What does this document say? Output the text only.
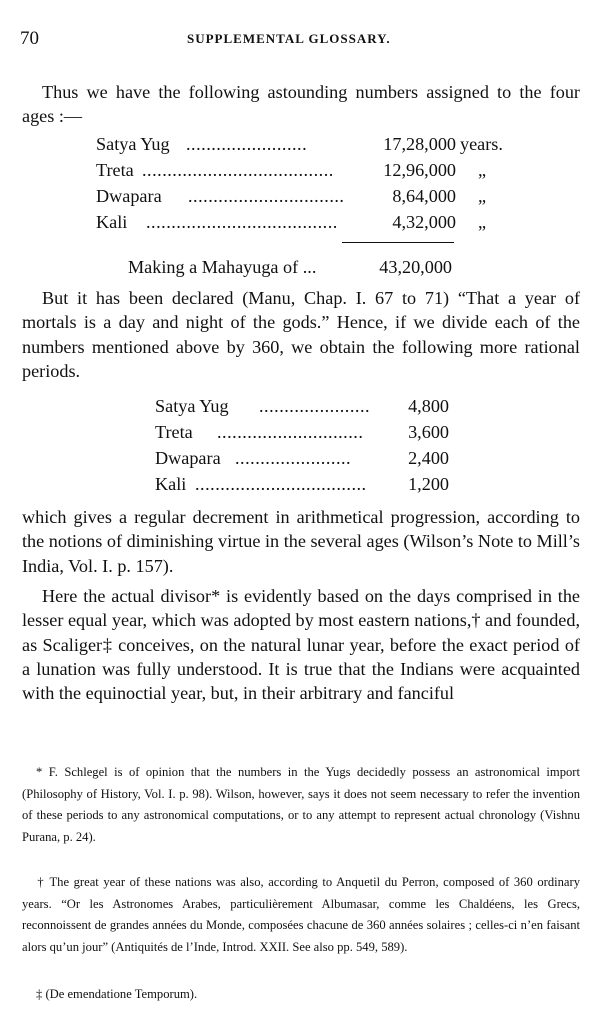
70	SUPPLEMENTAL GLOSSARY.

Thus we have the following astounding numbers assigned to the four ages :—

Satya Yug ........................	17,28,000 years.
Treta ......................................	12,96,000 „
Dwapara ...............................	8,64,000 „
Kali ......................................	4,32,000 „
Making a Mahayuga of ...	43,20,000

But it has been declared (Manu, Chap. I. 67 to 71) “That a year of mortals is a day and night of the gods.” Hence, if we divide each of the numbers mentioned above by 360, we obtain the following more rational periods.

Satya Yug ...................... 4,800
Treta ............................. 3,600
Dwapara .......................	2,400
Kali .................................. 1,200

which gives a regular decrement in arithmetical progression, according to the notions of diminishing virtue in the several ages (Wilson’s Note to Mill’s India, Vol. I. p. 157).

Here the actual divisor* is evidently based on the days comprised in the lesser equal year, which was adopted by most eastern nations,† and founded, as Scaliger‡ conceives, on the natural lunar year, before the exact period of a lunation was fully understood. It is true that the Indians were acquainted with the equinoctial year, but, in their arbitrary and fanciful

* F. Schlegel is of opinion that the numbers in the Yugs decidedly possess an astronomical import (Philosophy of History, Vol. I. p. 98). Wilson, however, says it does not seem necessary to refer the invention of these periods to any astronomical computations, or to any attempt to represent actual chronology (Vishnu Purana, p. 24).

† The great year of these nations was also, according to Anquetil du Perron, composed of 360 ordinary years. “Or les Astronomes Arabes, particulièrement Albumasar, comme les Chaldéens, les Grecs, reconnoissent de grandes années du Monde, composées chacune de 360 années solaires ; celles-ci n’en faisant alors qu’un jour” (Antiquités de l’Inde, Introd. XXII. See also pp. 549, 589).

‡ (De emendatione Temporum).
